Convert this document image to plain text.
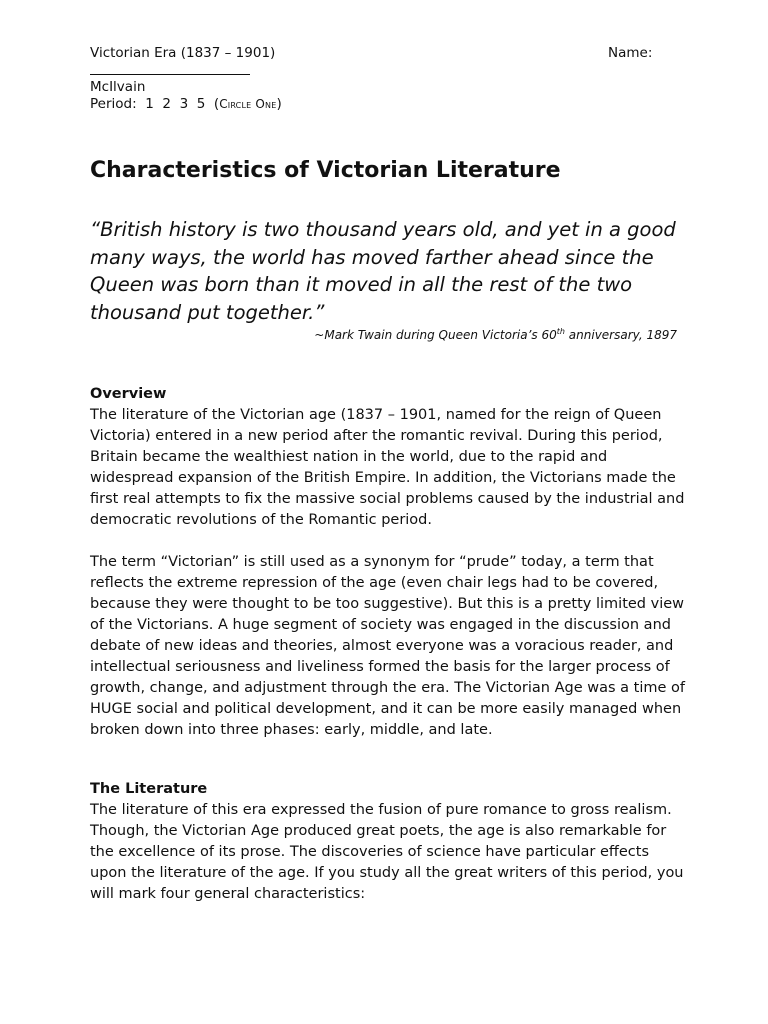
Victorian Era (1837 – 1901)	Name:
McIlvain
Period:  1  2  3  5  (Circle One)
Characteristics of Victorian Literature

“British history is two thousand years old, and yet in a good many ways, the world has moved farther ahead since the Queen was born than it moved in all the rest of the two thousand put together.”

~Mark Twain during Queen Victoria’s 60th anniversary, 1897
Overview

The literature of the Victorian age (1837 – 1901, named for the reign of Queen Victoria) entered in a new period after the romantic revival. During this period, Britain became the wealthiest nation in the world, due to the rapid and widespread expansion of the British Empire. In addition, the Victorians made the first real attempts to fix the massive social problems caused by the industrial and democratic revolutions of the Romantic period.

The term “Victorian” is still used as a synonym for “prude” today, a term that reflects the extreme repression of the age (even chair legs had to be covered, because they were thought to be too suggestive). But this is a pretty limited view of the Victorians. A huge segment of society was engaged in the discussion and debate of new ideas and theories, almost everyone was a voracious reader, and intellectual seriousness and liveliness formed the basis for the larger process of growth, change, and adjustment through the era. The Victorian Age was a time of HUGE social and political development, and it can be more easily managed when broken down into three phases: early, middle, and late.

The Literature

The literature of this era expressed the fusion of pure romance to gross realism. Though, the Victorian Age produced great poets, the age is also remarkable for the excellence of its prose. The discoveries of science have particular effects upon the literature of the age. If you study all the great writers of this period, you will mark four general characteristics:
